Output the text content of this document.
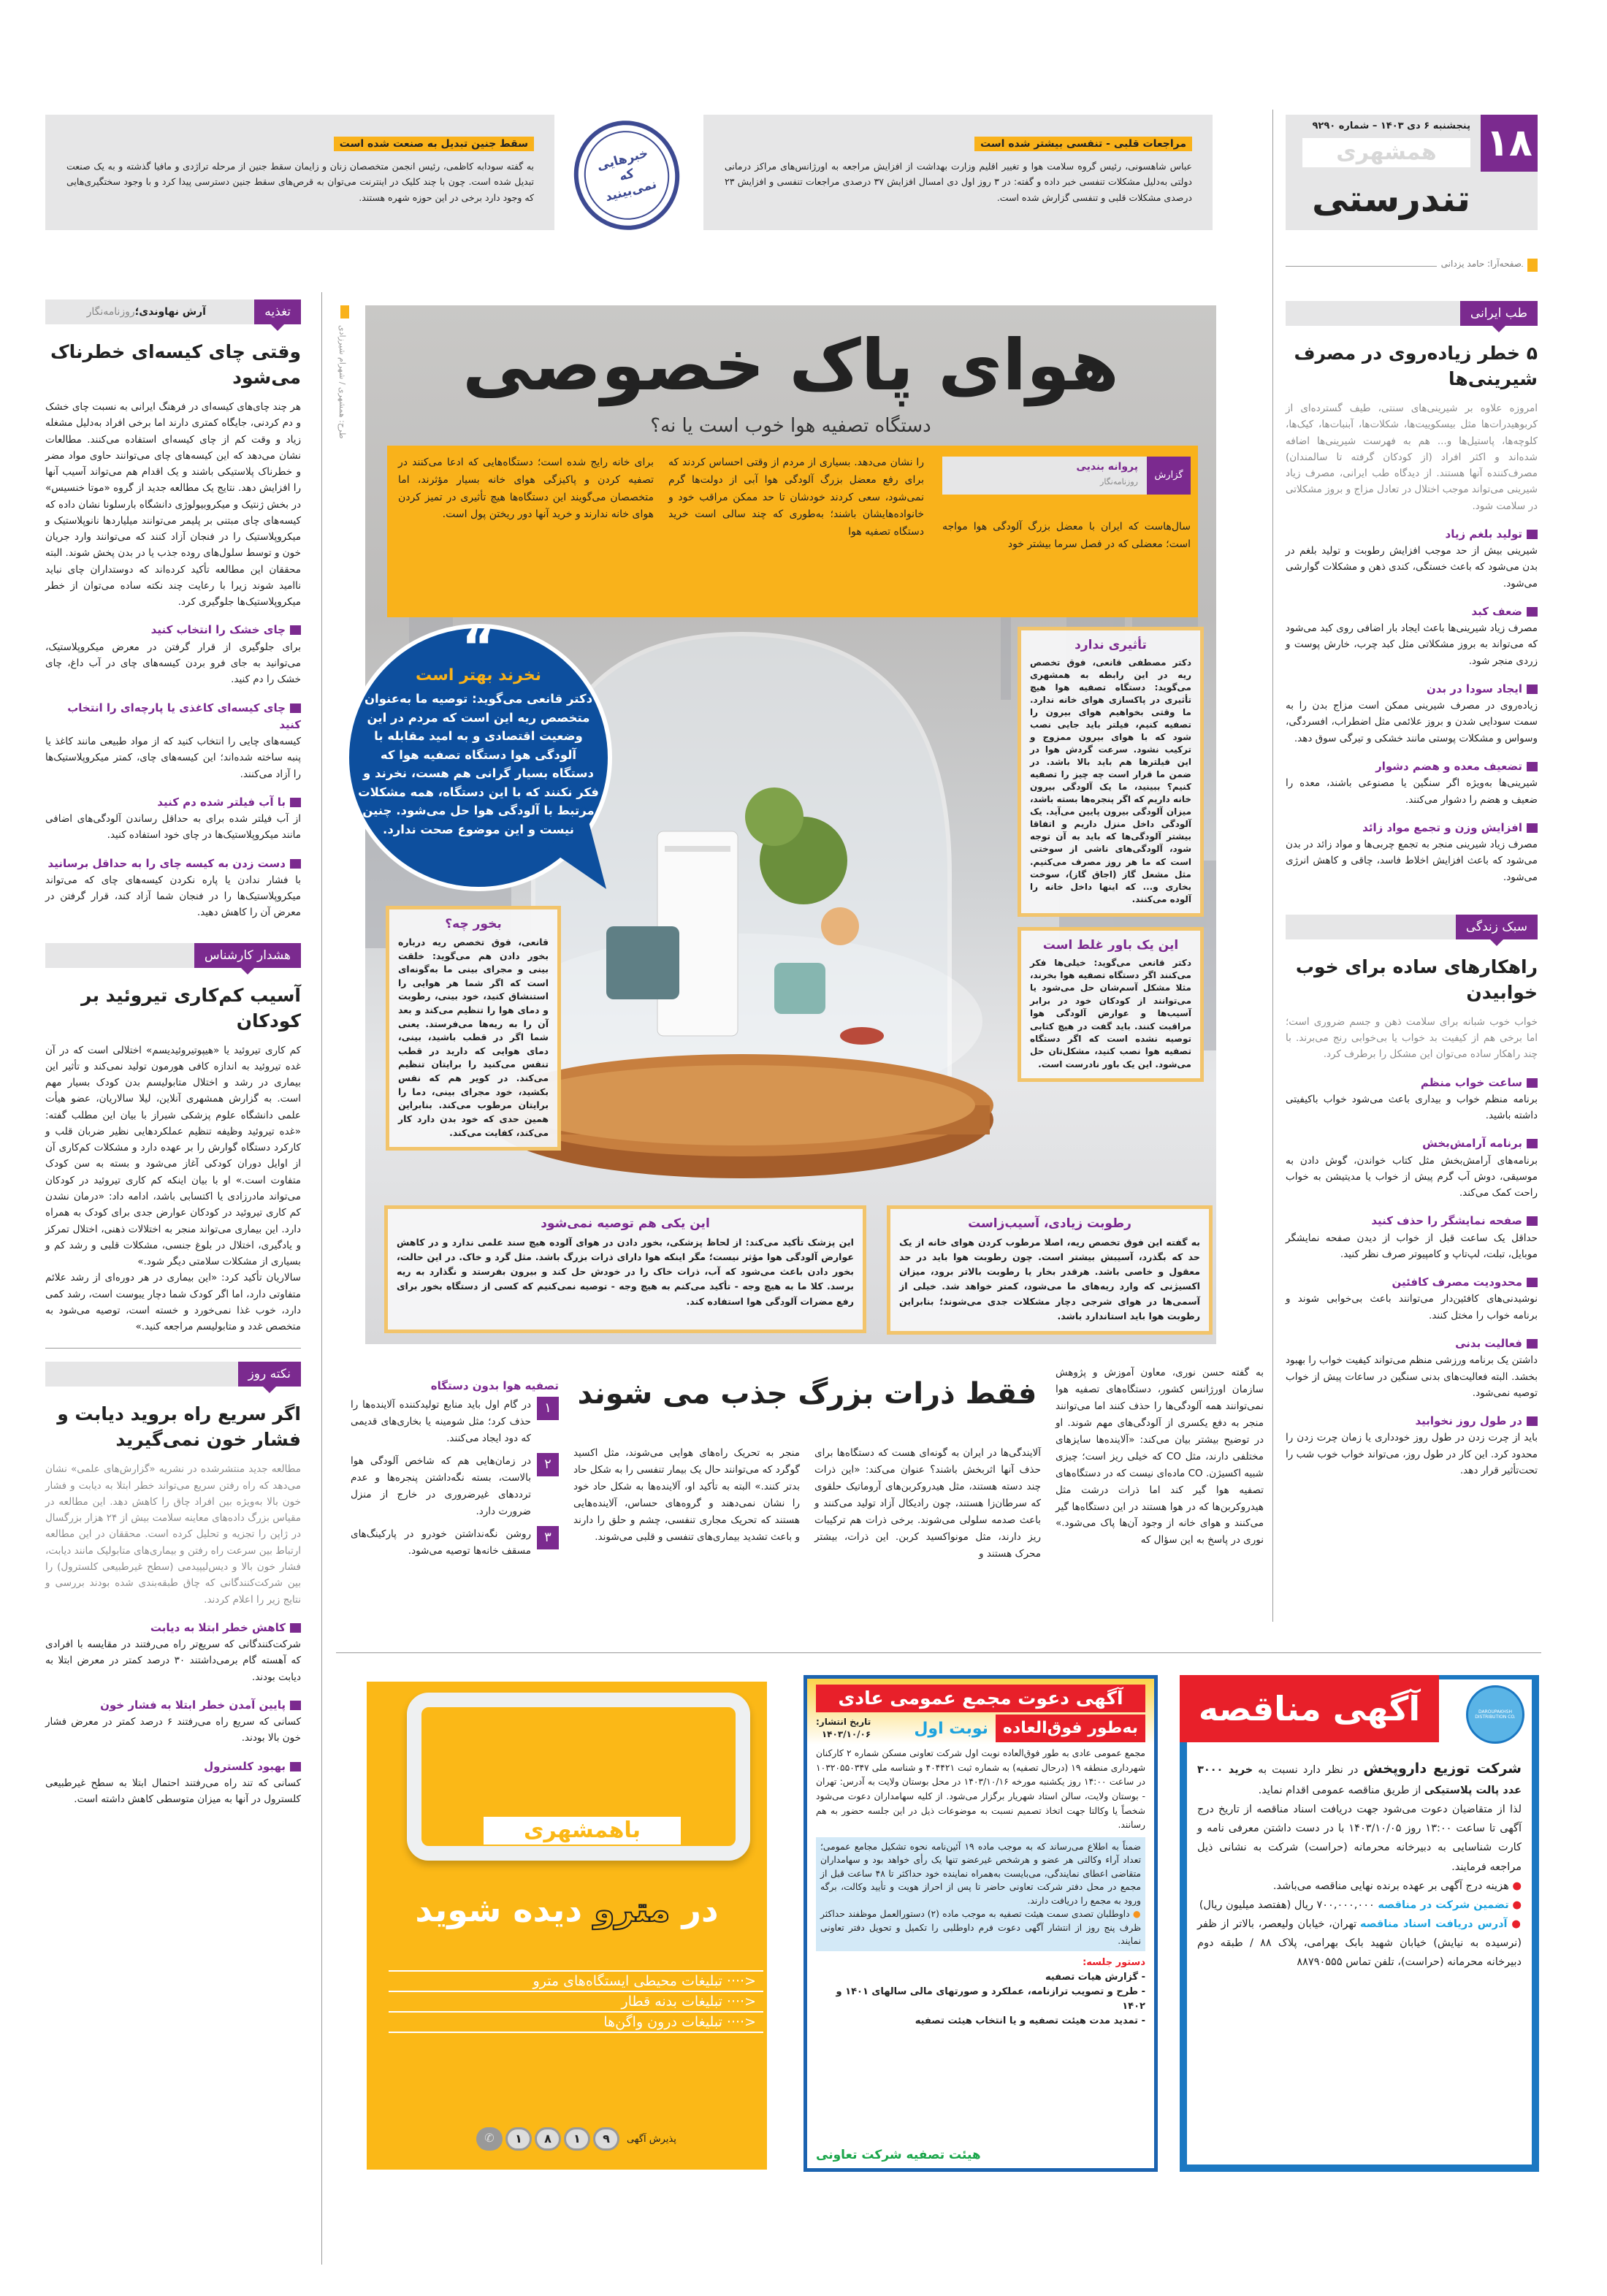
۱۸
پنجشنبه ۶ دی ۱۴۰۳ – شماره ۹۲۹۰
همشهری
تندرستی
صفحه‌آرا: حامد یزدانی
مراجعات قلبی - تنفسی بیشتر شده است
عباس شاهسونی، رئیس گروه سلامت هوا و تغییر اقلیم وزارت بهداشت از افزایش مراجعه به اورژانس‌های مراکز درمانی دولتی به‌دلیل مشکلات تنفسی خبر داده و گفته: در ۳ روز اول دی امسال افزایش ۳۷ درصدی مراجعات تنفسی و افزایش ۲۳ درصدی مشکلات قلبی و تنفسی گزارش شده است.
سقط جنین تبدیل به صنعت شده است
به گفته سودابه کاظمی، رئیس انجمن متخصصان زنان و زایمان سقط جنین از مرحله تراژدی و مافیا گذشته و به یک صنعت تبدیل شده است. چون با چند کلیک در اینترنت می‌توان به قرص‌های سقط جنین دسترسی پیدا کرد و با وجود سختگیری‌هایی که وجود دارد برخی در این حوزه شهره هستند.
خبرهایی که نمی‌بینید
طب ایرانی
۵ خطر زیاده‌روی در مصرف شیرینی‌ها

امروزه علاوه بر شیرینی‌های سنتی، طیف گسترده‌ای از کربوهیدرات‌ها مثل بیسکوییت‌ها، شکلات‌ها، آبنبات‌ها، کیک‌ها، کلوچه‌ها، پاستیل‌ها و... هم به فهرست شیرینی‌ها اضافه شده‌اند و اکثر افراد (از کودکان گرفته تا سالمندان) مصرف‌کننده آنها هستند. از دیدگاه طب ایرانی، مصرف زیاد شیرینی می‌تواند موجب اختلال در تعادل مزاج و بروز مشکلاتی در سلامت شود.

تولید بلغم زیاد

شیرینی بیش از حد موجب افزایش رطوبت و تولید بلغم در بدن می‌شود که باعث خستگی، کندی ذهن و مشکلات گوارشی می‌شود.

ضعف کبد

مصرف زیاد شیرینی‌ها باعث ایجاد بار اضافی روی کبد می‌شود که می‌تواند به بروز مشکلاتی مثل کبد چرب، خارش پوست و زردی منجر شود.

ایجاد سودا در بدن

زیاده‌روی در مصرف شیرینی ممکن است مزاج بدن را به سمت سودایی شدن و بروز علائمی مثل اضطراب، افسردگی، وسواس و مشکلات پوستی مانند خشکی و تیرگی سوق دهد.

تضعیف معده و هضم دشوار

شیرینی‌ها به‌ویژه اگر سنگین یا مصنوعی باشند، معده را ضعیف و هضم را دشوار می‌کنند.

افزایش وزن و تجمع مواد زائد

مصرف زیاد شیرینی منجر به تجمع چربی‌ها و مواد زائد در بدن می‌شود که باعث افزایش اخلاط فاسد، چاقی و کاهش انرژی می‌شود.

سبک زندگی
راهکارهای ساده برای خوب خوابیدن

خواب خوب شبانه برای سلامت ذهن و جسم ضروری است؛ اما برخی هم از کیفیت بد خواب یا بی‌خوابی رنج می‌برند. با چند راهکار ساده می‌توان این مشکل را برطرف کرد.

ساعت خواب منظم

برنامه منظم خواب و بیداری باعث می‌شود خواب باکیفیتی داشته باشید.

برنامه آرامش‌بخش

برنامه‌های آرامش‌بخش مثل کتاب خواندن، گوش دادن به موسیقی، دوش آب گرم پیش از خواب یا مدیتیشن به خواب راحت کمک می‌کند.

صفحه نمایشگر را حذف کنید

حداقل یک ساعت قبل از خواب از دیدن صفحه نمایشگر موبایل، تبلت، لپ‌تاپ و کامپیوتر صرف نظر کنید.

محدودیت مصرف کافئین

نوشیدنی‌های کافئین‌دار می‌توانند باعث بی‌خوابی شوند و برنامه خواب را مختل کنند.

فعالیت بدنی

داشتن یک برنامه ورزشی منظم می‌تواند کیفیت خواب را بهبود بخشد. البته فعالیت‌های بدنی سنگین در ساعات پیش از خواب توصیه نمی‌شود.

در طول روز نخوابید

باید از چرت زدن در طول روز خودداری یا زمان چرت زدن را محدود کرد. این کار در طول روز، می‌تواند خواب خوب شب را تحت‌تأثیر قرار دهد.

تغذیه
آرش نهاوندی؛روزنامه‌نگار
وقتی چای کیسه‌ای خطرناک می‌شود

هر چند چای‌های کیسه‌ای در فرهنگ ایرانی به نسبت چای خشک و دم کردنی، جایگاه کمتری دارند اما برخی افراد به‌دلیل مشغله زیاد و وقت کم از چای کیسه‌ای استفاده می‌کنند. مطالعات نشان می‌دهد که این کیسه‌های چای می‌توانند حاوی مواد مضر و خطرناک پلاستیکی باشند و یک اقدام هم می‌تواند آسیب آنها را افزایش دهد. نتایج یک مطالعه جدید از گروه «موتا خنسیس» در بخش ژنتیک و میکروبیولوژی دانشگاه بارسلونا نشان داده که کیسه‌های چای مبتنی بر پلیمر می‌توانند میلیاردها نانوپلاستیک و میکروپلاستیک را در فنجان آزاد کنند که می‌توانند وارد جریان خون و توسط سلول‌های روده جذب یا در بدن پخش شوند. البته محققان این مطالعه تأکید کرده‌اند که دوستداران چای نباید ناامید شوند زیرا با رعایت چند نکته ساده می‌توان از خطر میکروپلاستیک‌ها جلوگیری کرد.

چای خشک را انتخاب کنید

برای جلوگیری از قرار گرفتن در معرض میکروپلاستیک، می‌توانید به جای فرو بردن کیسه‌های چای در آب داغ، چای خشک را دم کنید.

چای کیسه‌ای کاغذی یا پارچه‌ای را انتخاب کنید

کیسه‌های چایی را انتخاب کنید که از مواد طبیعی مانند کاغذ یا پنبه ساخته شده‌اند؛ این کیسه‌های چای، کمتر میکروپلاستیک‌ها را آزاد می‌کنند.

با آب فیلتر شده دم کنید

از آب فیلتر شده برای به حداقل رساندن آلودگی‌های اضافی مانند میکروپلاستیک‌ها در چای خود استفاده کنید.

دست زدن به کیسه چای را به حداقل برسانید

با فشار ندادن یا پاره نکردن کیسه‌های چای که می‌تواند میکروپلاستیک‌ها را در فنجان شما آزاد کند، قرار گرفتن در معرض آن را کاهش دهید.

هشدار کارشناس
آسیب کم‌کاری تیروئید بر کودکان

کم کاری تیروئید یا «هیپوتیروئیدیسم» اختلالی است که در آن غده تیروئید به اندازه کافی هورمون تولید نمی‌کند و تأثیر این بیماری در رشد و اختلال متابولیسم بدن کودک بسیار مهم است. به گزارش همشهری آنلاین، لیلا سالاریان، عضو هیأت علمی دانشگاه علوم پزشکی شیراز با بیان این مطلب گفته: «غده تیروئید وظیفه تنظیم عملکردهایی نظیر ضربان قلب و کارکرد دستگاه گوارش را بر عهده دارد و مشکلات کم‌کاری آن از اوایل دوران کودکی آغاز می‌شود و بسته به سن کودک متفاوت است.» او با بیان اینکه کم کاری تیروئید در کودکان می‌تواند مادرزادی یا اکتسابی باشد، ادامه داد: «درمان نشدن کم کاری تیروئید در کودکان عوارض جدی برای کودک به همراه دارد. این بیماری می‌تواند منجر به اختلالات ذهنی، اختلال تمرکز و یادگیری، اختلال در بلوغ جنسی، مشکلات قلبی و رشد کم و بسیاری از مشکلات سلامتی دیگر شود.»

سالاریان تأکید کرد: «این بیماری در هر دوره‌ای از رشد علائم متفاوتی دارد، اما اگر کودک شما دچار یبوست است، رشد کمی دارد، خوب غذا نمی‌خورد و خسته است، توصیه می‌شود به متخصص غدد و متابولیسم مراجعه کنید.»

نکته روز
اگر سریع راه بروید دیابت و فشار خون نمی‌گیرید

مطالعه جدید منتشرشده در نشریه «گزارش‌های علمی» نشان می‌دهد که راه رفتن سریع می‌تواند خطر ابتلا به دیابت و فشار خون بالا به‌ویژه بین افراد چاق را کاهش دهد. این مطالعه در مقیاس بزرگ داده‌های معاینه سلامت بیش از ۲۴ هزار بزرگسال در ژاپن را تجزیه و تحلیل کرده است. محققان در این مطالعه ارتباط بین سرعت راه رفتن و بیماری‌های متابولیک مانند دیابت، فشار خون بالا و دیس‌لیپیدمی (سطح غیرطبیعی کلسترول) را بین شرکت‌کنندگانی که چاق طبقه‌بندی شده بودند بررسی و نتایج زیر را اعلام کردند.

کاهش خطر ابتلا به دیابت

شرکت‌کنندگانی که سریع‌تر راه می‌رفتند در مقایسه با افرادی که آهسته گام برمی‌داشتند ۳۰ درصد کمتر در معرض ابتلا به دیابت بودند.

پایین آمدن خطر ابتلا به فشار خون

کسانی که سریع راه می‌رفتند ۶ درصد کمتر در معرض فشار خون بالا بودند.

بهبود کلسترول

کسانی که تند راه می‌رفتند احتمال ابتلا به سطح غیرطبیعی کلسترول در آنها به میزان متوسطی کاهش داشته است.

طرح: همشهری / شهرام شیرزادی	هوای پاک خصوصی
دستگاه تصفیه هوا خوب است یا نه؟
گزارش
پروانه بندیی
روزنامه‌نگار

سال‌هاست که ایران با معضل بزرگ آلودگی هوا مواجه است؛ معضلی که در فصل سرما بیشتر خود

را نشان می‌دهد. بسیاری از مردم از وقتی احساس کردند که برای رفع معضل بزرگ آلودگی هوا آبی از دولت‌ها گرم نمی‌شود، سعی کردند خودشان تا حد ممکن مراقب خود و خانواده‌هایشان باشند؛ به‌طوری که چند سالی است خرید دستگاه تصفیه هوا

برای خانه رایج شده است؛ دستگاه‌هایی که ادعا می‌کنند در تصفیه کردن و پاکیزگی هوای خانه بسیار مؤثرند، اما متخصصان می‌گویند این دستگاه‌ها هیچ تأثیری در تمیز کردن هوای خانه ندارند و خرید آنها دور ریختن پول است.

“
نخرند بهتر است

دکتر قانعی می‌گوید: توصیه ما به‌عنوان متخصص ریه این است که مردم در این وضعیت اقتصادی و به امید مقابله با آلودگی هوا دستگاه تصفیه هوا که دستگاه بسیار گرانی هم هست، نخرند و فکر نکنند که با این دستگاه، همه مشکلات مرتبط با آلودگی هوا حل می‌شود. چنین نیست و این موضوع صحت ندارد.

تأثیری ندارد

دکتر مصطفی قانعی، فوق تخصص ریه در این رابطه به همشهری می‌گوید: دستگاه تصفیه هوا هیچ تأثیری در پاکسازی هوای خانه ندارد. ما وقتی بخواهیم هوای بیرون را تصفیه کنیم، فیلتر باید جایی نصب شود که با هوای بیرون ممزوج و ترکیب نشود. سرعت گردش هوا در این فیلترها هم باید بالا باشد. در ضمن ما قرار است چه چیز را تصفیه کنیم؟ ببینید، ما یک آلودگی بیرون خانه داریم که اگر پنجره‌ها بسته باشد، میزان آلودگی بیرون پایین می‌آید. یک آلودگی داخل منزل داریم و اتفاقا بیشتر آلودگی‌ها که باید به آن توجه شود، آلودگی‌های ناشی از سوختی است که ما هر روز مصرف می‌کنیم. مثل مشعل گاز (اجاق گاز)، سوخت بخاری و... که اینها داخل خانه را آلوده می‌کنند.

این یک باور غلط است

دکتر قانعی می‌گوید: خیلی‌ها فکر می‌کنند اگر دستگاه تصفیه هوا بخرند، مثلا مشکل آسم‌شان حل می‌شود یا می‌توانند از کودکان خود در برابر آسیب‌ها و عوارض آلودگی هوا مراقبت کنند. باید گفت در هیچ کتابی توصیه نشده است که اگر دستگاه تصفیه هوا نصب کنید، مشکل‌تان حل می‌شود. این یک باور نادرست است.

بخور چه؟

قانعی، فوق تخصص ریه درباره بخور دادن هم می‌گوید: خلقت بینی و مجرای بینی ما به‌گونه‌ای است که اگر شما هر هوایی را استنشاق کنید، خود بینی، رطوبت و دمای هوا را تنظیم می‌کند و بعد آن را به ریه‌ها می‌فرستد. یعنی شما اگر در قطب باشید، بینی، دمای هوایی که دارید در قطب تنفس می‌کنید را برایتان تنظیم می‌کند. در کویر هم که نفس بکشید، خود مجرای بینی، دما را برایتان مرطوب می‌کند. بنابراین همین حدی که خود بدن دارد کار می‌کند، کفایت می‌کند.

این یکی هم توصیه نمی‌شود

این پزشک تأکید می‌کند: از لحاظ پزشکی، بخور دادن در هوای آلوده هیچ سند علمی ندارد و در کاهش عوارض آلودگی هوا مؤثر نیست؛ مگر اینکه هوا دارای ذرات بزرگ باشد. مثل گرد و خاک. در این حالت، بخور دادن باعث می‌شود که آب، ذرات خاک را در خودش حل کند و بیرون بفرستد و نگذارد به ریه برسد. کلا ما به هیچ وجه - تأکید می‌کنم به هیچ وجه - توصیه نمی‌کنیم که کسی از دستگاه بخور برای رفع مضرات آلودگی هوا استفاده کند.

رطوبت زیادی، آسیب‌زاست

به گفته این فوق تخصص ریه، اصلا مرطوب کردن هوای خانه از یک حد که بگذرد، آسیبش بیشتر است. چون رطوبت هوا باید در حد معقول و خاصی باشد. هرقدر بخار یا رطوبت بالاتر برود، میزان اکسیژنی که وارد ریه‌های ما می‌شود، کمتر خواهد شد. خیلی از آسمی‌ها در هوای شرجی دچار مشکلات جدی می‌شوند؛ بنابراین رطوبت هوا باید استاندارد باشد.

به گفته حسن نوری، معاون آموزش و پژوهش سازمان اورژانس کشور، دستگاه‌های تصفیه هوا نمی‌توانند همه آلودگی‌ها را حذف کنند اما می‌توانند منجر به دفع یکسری از آلودگی‌های مهم شوند. او در توضیح بیشتر بیان می‌کند: «آلاینده‌ها سایزهای مختلفی دارند، مثل CO که خیلی ریز است؛ چیزی شبیه اکسیژن. CO ماده‌ای نیست که در دستگاه‌های تصفیه هوا گیر کند اما ذرات درشت مثل هیدروکربن‌ها که در هوا هستند در این دستگاه‌ها گیر می‌کنند و هوای خانه از وجود آن‌ها پاک می‌شود.» نوری در پاسخ به این سؤال که

فقط ذرات بزرگ جذب می شوند

آلایندگی‌ها در ایران به گونه‌ای هست که دستگاه‌ها برای حذف آنها اثربخش باشند؟ عنوان می‌کند: «این ذرات چند دسته هستند، مثل هیدروکربن‌های آروماتیک حلقوی که سرطان‌زا هستند، چون رادیکال آزاد تولید می‌کنند و باعث صدمه سلولی می‌شوند. برخی ذرات هم ترکیبات ریز دارند، مثل مونواکسید کربن. این ذرات، بیشتر محرک هستند و

منجر به تحریک راه‌های هوایی می‌شوند، مثل اکسید گوگرد که می‌توانند حال یک بیمار تنفسی را به شکل حاد بدتر کنند.» البته به تأکید او، آلاینده‌ها به شکل حاد خود را نشان نمی‌دهند و گروه‌های حساس، آلاینده‌هایی هستند که تحریک مجاری تنفسی، چشم و حلق را دارند و باعث تشدید بیماری‌های تنفسی و قلبی می‌شوند.

تصفیه هوا بدون دستگاه
۱
در گام اول باید منابع تولیدکننده آلاینده‌ها را حذف کرد؛ مثل شومینه یا بخاری‌های قدیمی که دود ایجاد می‌کنند.
۲
در زمان‌هایی هم که شاخص آلودگی هوا بالاست، بسته نگه‌داشتن پنجره‌ها و عدم ترددهای غیرضروری در خارج از منزل ضرورت دارد.
۳
روشن نگه‌نداشتن خودرو در پارکینگ‌های مسقف خانه‌ها توصیه می‌شود.
باهمشهری
در مترو دیده شوید
<···· تبلیغات محیطی ایستگاه‌های مترو
<···· تبلیغات بدنه قطار
<···· تبلیغات درون واگن‌ها
پذیرش آگهی
۹
۱
۸
۱
✆
آگهی دعوت مجمع عمومی عادی
به‌طور فوق‌العاده
نوبت اول
تاریخ انتشار:
۱۴۰۳/۱۰/۰۶

مجمع عمومی عادی به طور فوق‌العاده نوبت اول شرکت تعاونی مسکن شماره ۲ کارکنان شهرداری منطقه ۱۹ (درحال تصفیه) به شماره ثبت ۴۰۴۴۲۱ و شناسه ملی ۱۰۳۲۰۵۵۰۳۴۷ در ساعت ۱۴:۰۰ روز یکشنبه مورخه ۱۴۰۳/۱۰/۱۶ در محل بوستان ولایت به آدرس: تهران - بوستان ولایت، سالن استاد شهریار برگزار می‌شود. از کلیه سهامداران دعوت می‌شود شخصاً یا وکالتا جهت اتخاذ تصمیم نسبت به موضوعات ذیل در این جلسه حضور به هم رسانند.

ضمناً به اطلاع می‌رساند که به موجب ماده ۱۹ آئین‌نامه نحوه تشکیل مجامع عمومی؛ تعداد آراء وکالتی هر عضو و هرشخص غیرعضو تنها یک رأی خواهد بود و سهامداران متقاضی اعطای نمایندگی، می‌بایست به‌همراه نماینده خود حداکثر تا ۴۸ ساعت قبل از مجمع در محل دفتر شرکت تعاونی حاضر تا پس از احراز هویت و تأیید وکالت، برگه ورود به مجمع را دریافت دارند.

● داوطلبان تصدی سمت هیئت تصفیه به موجب ماده (۲) دستورالعمل موظفند حداکثر ظرف پنج روز از انتشار آگهی دعوت فرم داوطلبی را تکمیل و تحویل دفتر تعاونی نمایند.

دستور جلسه:
- گزارش هیات تصفیه
- طرح و تصویب ترازنامه، عملکرد و صورتهای مالی سالهای ۱۴۰۱ و ۱۴۰۲
- تمدید مدت هیئت تصفیه و یا انتخاب هیئت تصفیه
هیئت تصفیه شرکت تعاونی
آگهی مناقصه	DAROUPAKHSH DISTRIBUTION CO.

شرکت توزیع داروپخش در نظر دارد نسبت به خرید ۳۰۰۰ عدد پالت پلاستیکی از طریق مناقصه عمومی اقدام نماید.

لذا از متقاضیان دعوت می‌شود جهت دریافت اسناد مناقصه از تاریخ درج آگهی تا ساعت ۱۳:۰۰ روز ۱۴۰۳/۱۰/۰۵ با در دست داشتن معرفی نامه و کارت شناسایی به دبیرخانه محرمانه (حراست) شرکت به نشانی ذیل مراجعه فرمایند.

● هزینه درج آگهی بر عهده برنده نهایی مناقصه می‌باشد.

● تضمین شرکت در مناقصه ۷۰۰,۰۰۰,۰۰۰ ریال (هفتصد میلیون ریال)

● آدرس دریافت اسناد مناقصه تهران، خیابان ولیعصر، بالاتر از ظفر (نرسیده به نیایش) خیابان شهید بابک بهرامی، پلاک ۸۸ / طبقه دوم دبیرخانه محرمانه (حراست)، تلفن تماس ۸۸۷۹۰۵۵۵
